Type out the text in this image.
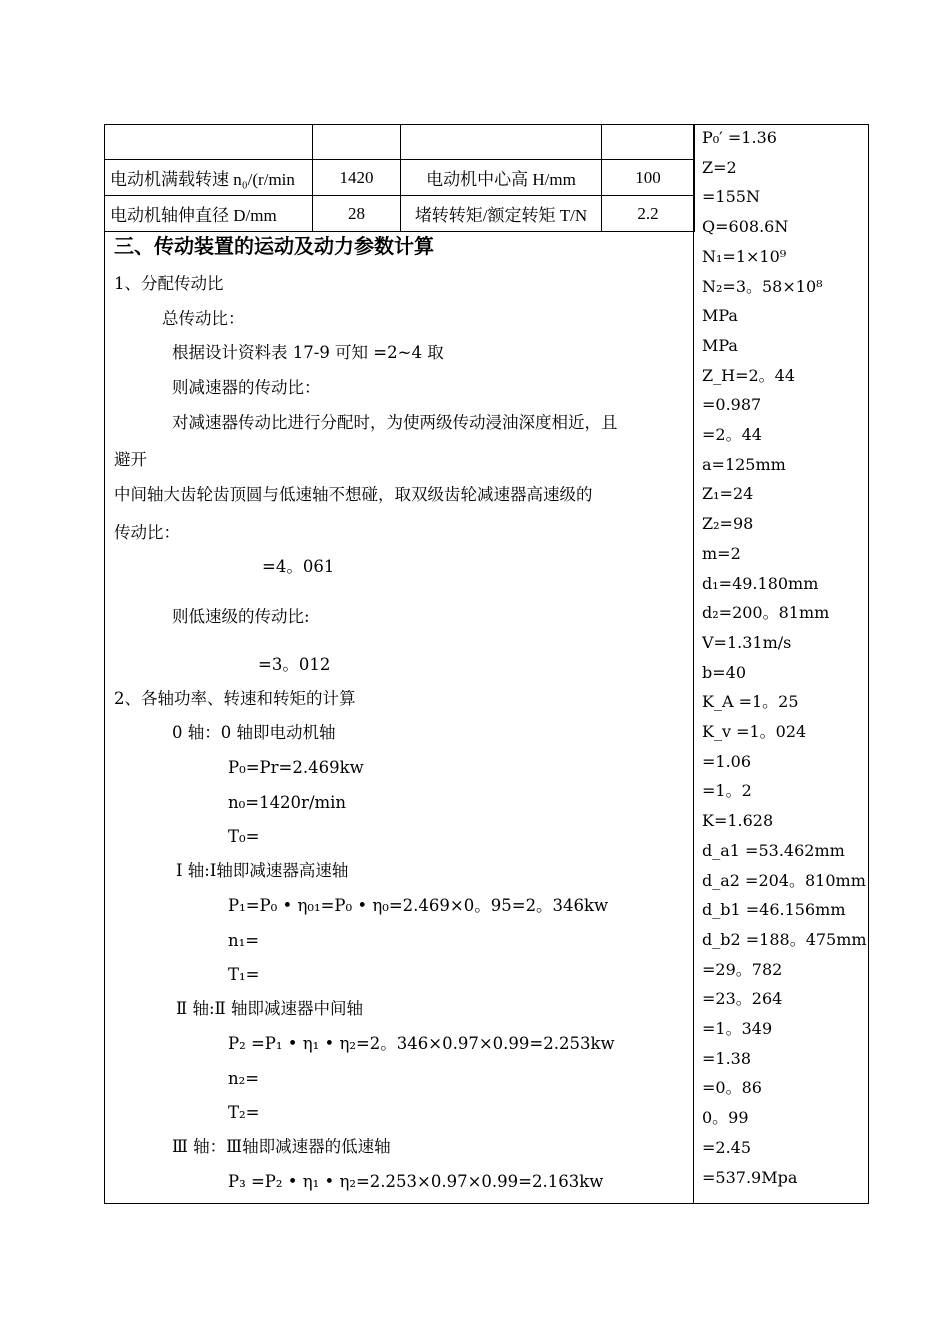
电动机满载转速 n₀/(r/min	1420	电动机中心高 H/mm	100
电动机轴伸直径 D/mm	28	堵转转矩/额定转矩 T/N	2.2
三、传动装置的运动及动力参数计算
1、分配传动比
总传动比：
根据设计资料表 17-9 可知 =2~4 取
则减速器的传动比：
对减速器传动比进行分配时，为使两级传动浸油深度相近，且
避开
中间轴大齿轮齿顶圆与低速轴不想碰，取双级齿轮减速器高速级的
传动比：
=4。061
则低速级的传动比:
=3。012
2、各轴功率、转速和转矩的计算
0 轴：0 轴即电动机轴
P₀=Pr=2.469kw
n₀=1420r/min
T₀=
Ⅰ 轴:Ⅰ轴即减速器高速轴
P₁=P₀ • η₀₁=P₀ • η₀=2.469×0。95=2。346kw
n₁=
T₁=
Ⅱ 轴:Ⅱ 轴即减速器中间轴
P₂ =P₁ • η₁ • η₂=2。346×0.97×0.99=2.253kw
n₂=
T₂=
Ⅲ 轴：Ⅲ轴即减速器的低速轴
P₃ =P₂ • η₁ • η₂=2.253×0.97×0.99=2.163kw
P₀′ =1.36
Z=2
=155N
Q=608.6N
N₁=1×10⁹
N₂=3。58×10⁸
MPa
MPa
Z_H=2。44
=0.987
=2。44
a=125mm
Z₁=24
Z₂=98
m=2
d₁=49.180mm
d₂=200。81mm
V=1.31m/s
b=40
K_A =1。25
K_v =1。024
=1.06
=1。2
K=1.628
d_a1 =53.462mm
d_a2 =204。810mm
d_b1 =46.156mm
d_b2 =188。475mm
=29。782
=23。264
=1。349
=1.38
=0。86
0。99
=2.45
=537.9Mpa
